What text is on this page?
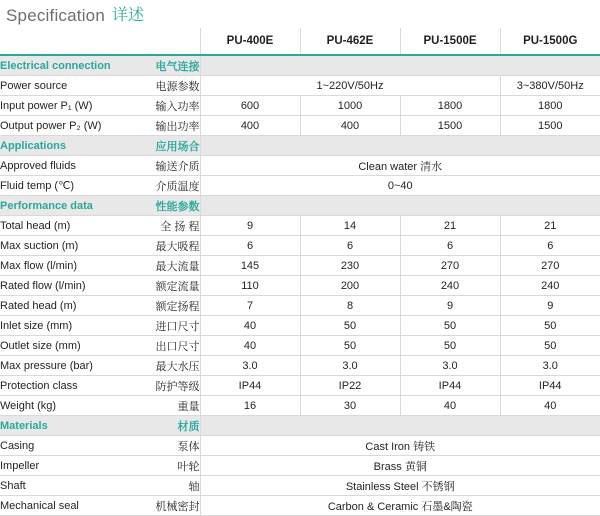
Specification 详述
		PU-400E	PU-462E	PU-1500E	PU-1500G
Electrical connection	电气连接				
Power source	电源参数	1~220V/50Hz			3~380V/50Hz
Input power P₁ (W)	输入功率	600	1000	1800	1800
Output power P₂ (W)	输出功率	400	400	1500	1500
Applications	应用场合				
Approved fluids	输送介质	Clean water 清水			
Fluid temp (℃)	介质温度	0~40			
Performance data	性能参数				
Total head (m)	全 扬 程	9	14	21	21
Max suction (m)	最大吸程	6	6	6	6
Max flow (l/min)	最大流量	145	230	270	270
Rated flow (l/min)	额定流量	110	200	240	240
Rated head (m)	额定扬程	7	8	9	9
Inlet size (mm)	进口尺寸	40	50	50	50
Outlet size (mm)	出口尺寸	40	50	50	50
Max pressure (bar)	最大水压	3.0	3.0	3.0	3.0
Protection class	防护等级	IP44	IP22	IP44	IP44
Weight (kg)	重量	16	30	40	40
Materials	材质				
Casing	泵体	Cast Iron 铸铁			
Impeller	叶轮	Brass 黄铜			
Shaft	轴	Stainless Steel 不锈钢			
Mechanical seal	机械密封	Carbon & Ceramic 石墨&陶瓷			
